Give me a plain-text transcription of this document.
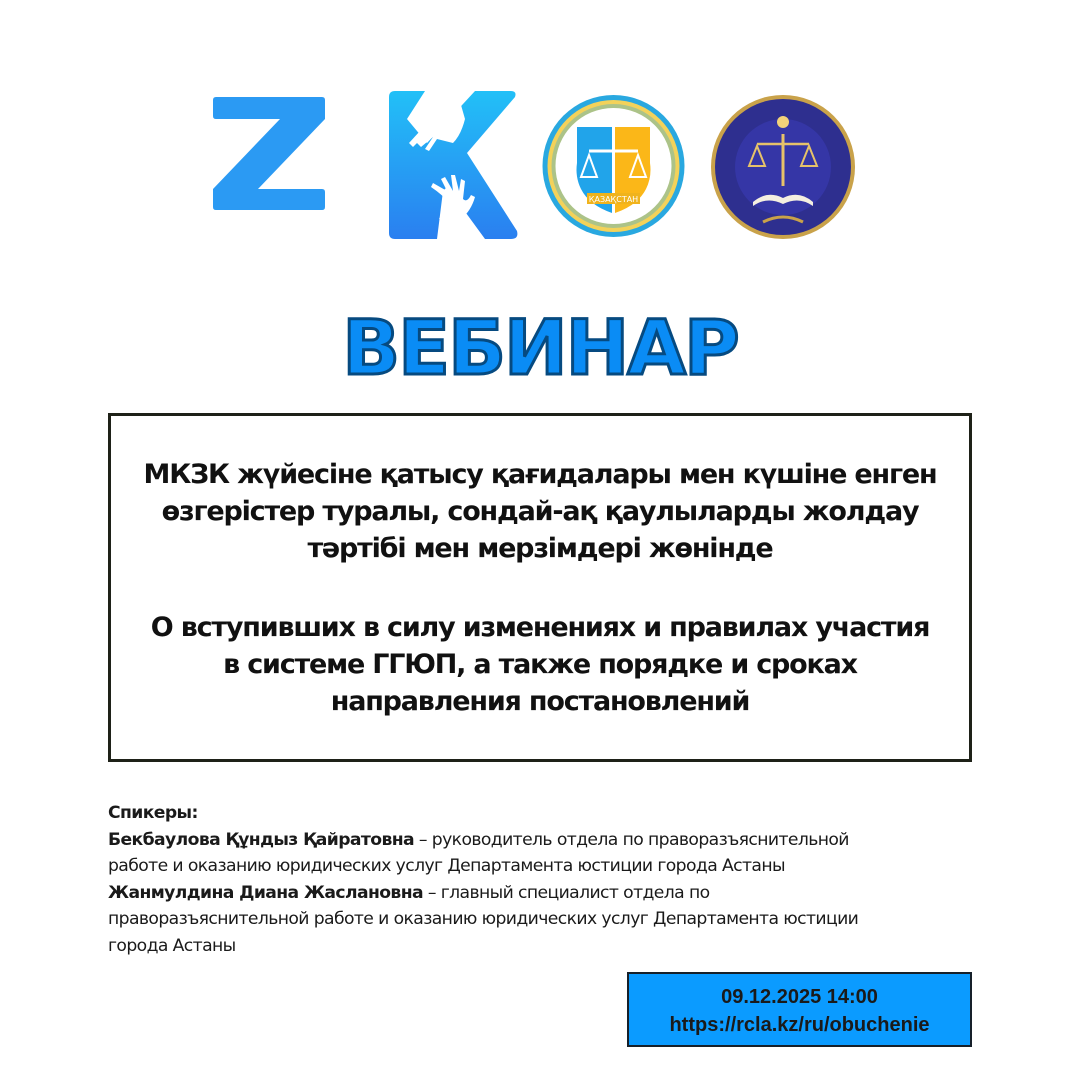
ҚАЗАҚСТАН
ВЕБИНАР
МКЗК жүйесіне қатысу қағидалары мен күшіне енген
өзгерістер туралы, сондай-ақ қаулыларды жолдау
тәртібі мен мерзімдері жөнінде
О вступивших в силу изменениях и правилах участия
в системе ГГЮП, а также порядке и сроках
направления постановлений
Спикеры:
Бекбаулова Құндыз Қайратовна – руководитель отдела по праворазъяснительной
работе и оказанию юридических услуг Департамента юстиции города Астаны
Жанмулдина Диана Жаслановна – главный специалист отдела по
праворазъяснительной работе и оказанию юридических услуг Департамента юстиции
города Астаны
09.12.2025 14:00
https://rcla.kz/ru/obuchenie
